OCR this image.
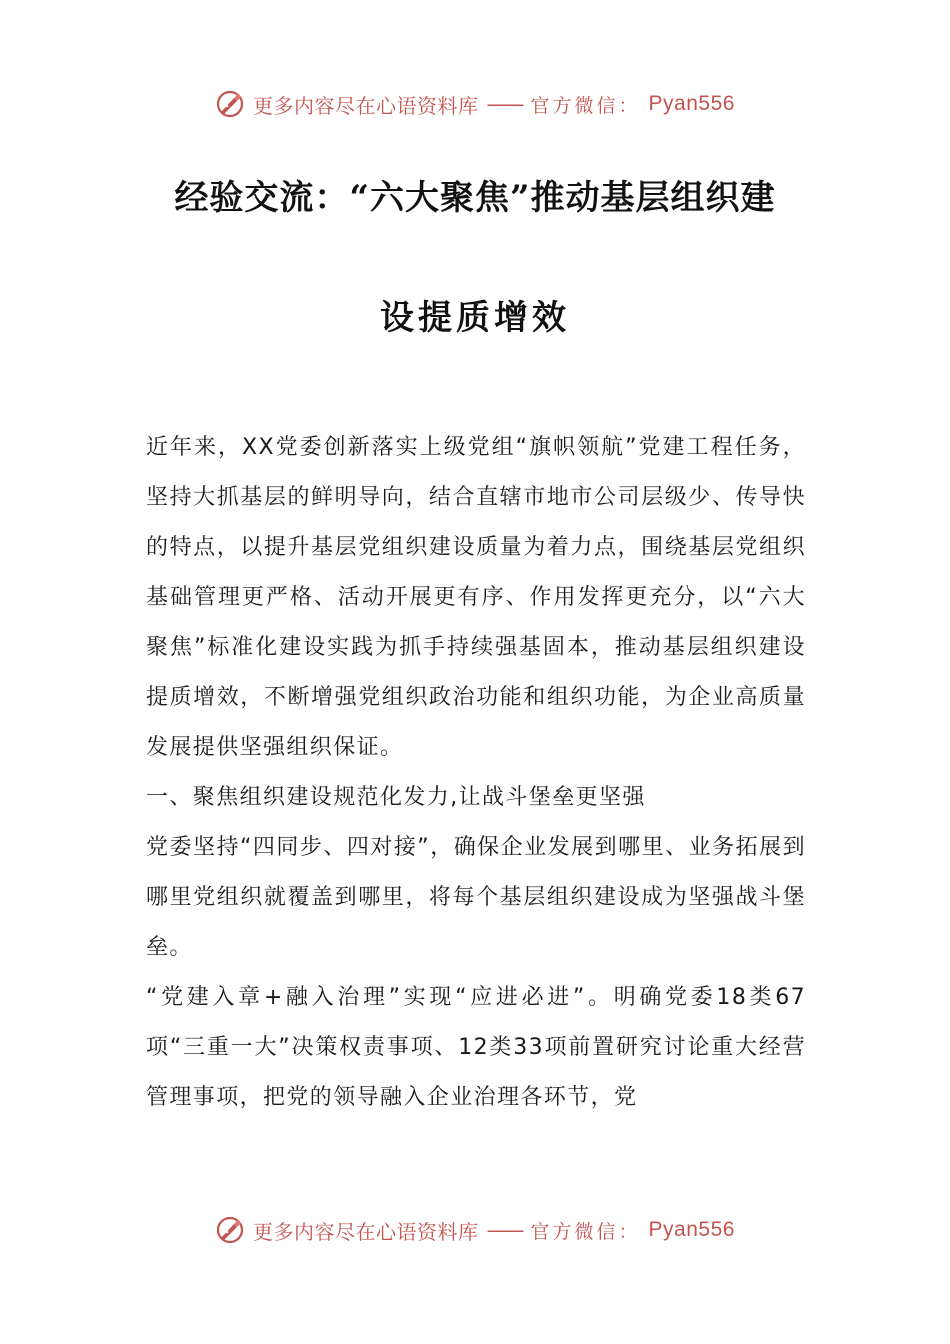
更多内容尽在心语资料库 —— 官方微信： Pyan556
经验交流：“六大聚焦”推动基层组织建
设提质增效

近年来，XX党委创新落实上级党组“旗帜领航”党建工程任务，坚持大抓基层的鲜明导向，结合直辖市地市公司层级少、传导快的特点，以提升基层党组织建设质量为着力点，围绕基层党组织基础管理更严格、活动开展更有序、作用发挥更充分，以“六大聚焦”标准化建设实践为抓手持续强基固本，推动基层组织建设提质增效，不断增强党组织政治功能和组织功能，为企业高质量发展提供坚强组织保证。

一、聚焦组织建设规范化发力,让战斗堡垒更坚强

党委坚持“四同步、四对接”，确保企业发展到哪里、业务拓展到哪里党组织就覆盖到哪里，将每个基层组织建设成为坚强战斗堡垒。

“党建入章+融入治理”实现“应进必进”。明确党委18类67项“三重一大”决策权责事项、12类33项前置研究讨论重大经营管理事项，把党的领导融入企业治理各环节，党

更多内容尽在心语资料库 —— 官方微信： Pyan556
